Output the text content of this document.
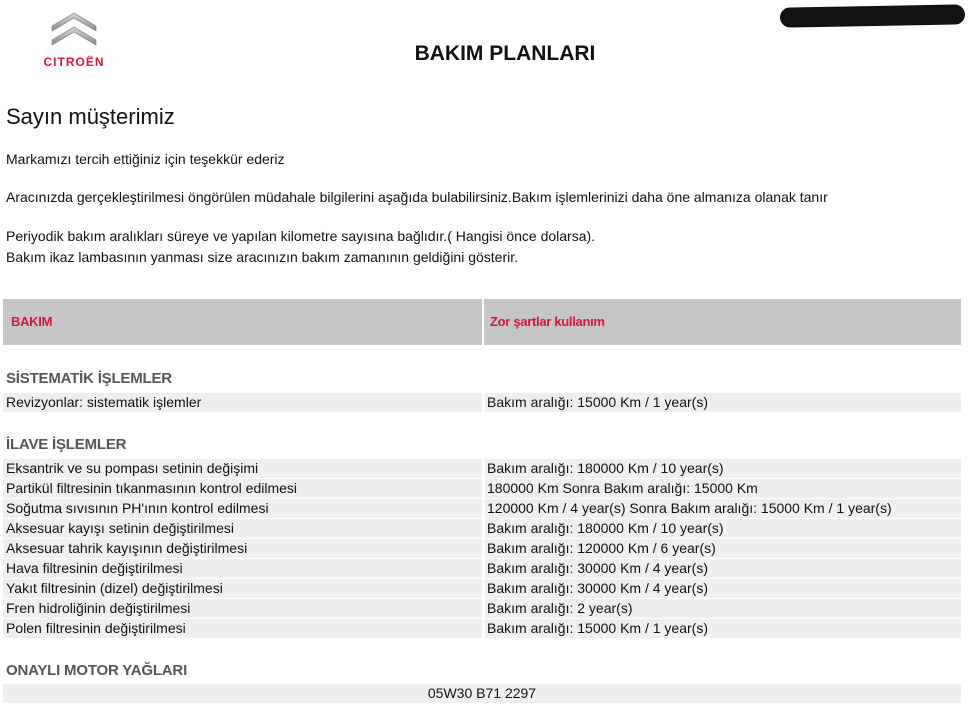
CITROËN	BAKIM PLANLARI
Sayın müşterimiz
Markamızı tercih ettiğiniz için teşekkür ederiz
Aracınızda gerçekleştirilmesi öngörülen müdahale bilgilerini aşağıda bulabilirsiniz.Bakım işlemlerinizi daha öne almanıza olanak tanır
Periyodik bakım aralıkları süreye ve yapılan kilometre sayısına bağlıdır.( Hangisi önce dolarsa).
Bakım ikaz lambasının yanması size aracınızın bakım zamanının geldiğini gösterir.
BAKIM	Zor şartlar kullanım
SİSTEMATİK İŞLEMLER
Revizyonlar: sistematik işlemler	Bakım aralığı: 15000 Km / 1 year(s)
İLAVE İŞLEMLER
Eksantrik ve su pompası setinin değişimi	Bakım aralığı: 180000 Km / 10 year(s)
Partikül filtresinin tıkanmasının kontrol edilmesi	180000 Km Sonra Bakım aralığı: 15000 Km
Soğutma sıvısının PH'ının kontrol edilmesi	120000 Km / 4 year(s) Sonra Bakım aralığı: 15000 Km / 1 year(s)
Aksesuar kayışı setinin değiştirilmesi	Bakım aralığı: 180000 Km / 10 year(s)
Aksesuar tahrik kayışının değiştirilmesi	Bakım aralığı: 120000 Km / 6 year(s)
Hava filtresinin değiştirilmesi	Bakım aralığı: 30000 Km / 4 year(s)
Yakıt filtresinin (dizel) değiştirilmesi	Bakım aralığı: 30000 Km / 4 year(s)
Fren hidroliğinin değiştirilmesi	Bakım aralığı: 2 year(s)
Polen filtresinin değiştirilmesi	Bakım aralığı: 15000 Km / 1 year(s)
ONAYLI MOTOR YAĞLARI
05W30 B71 2297
